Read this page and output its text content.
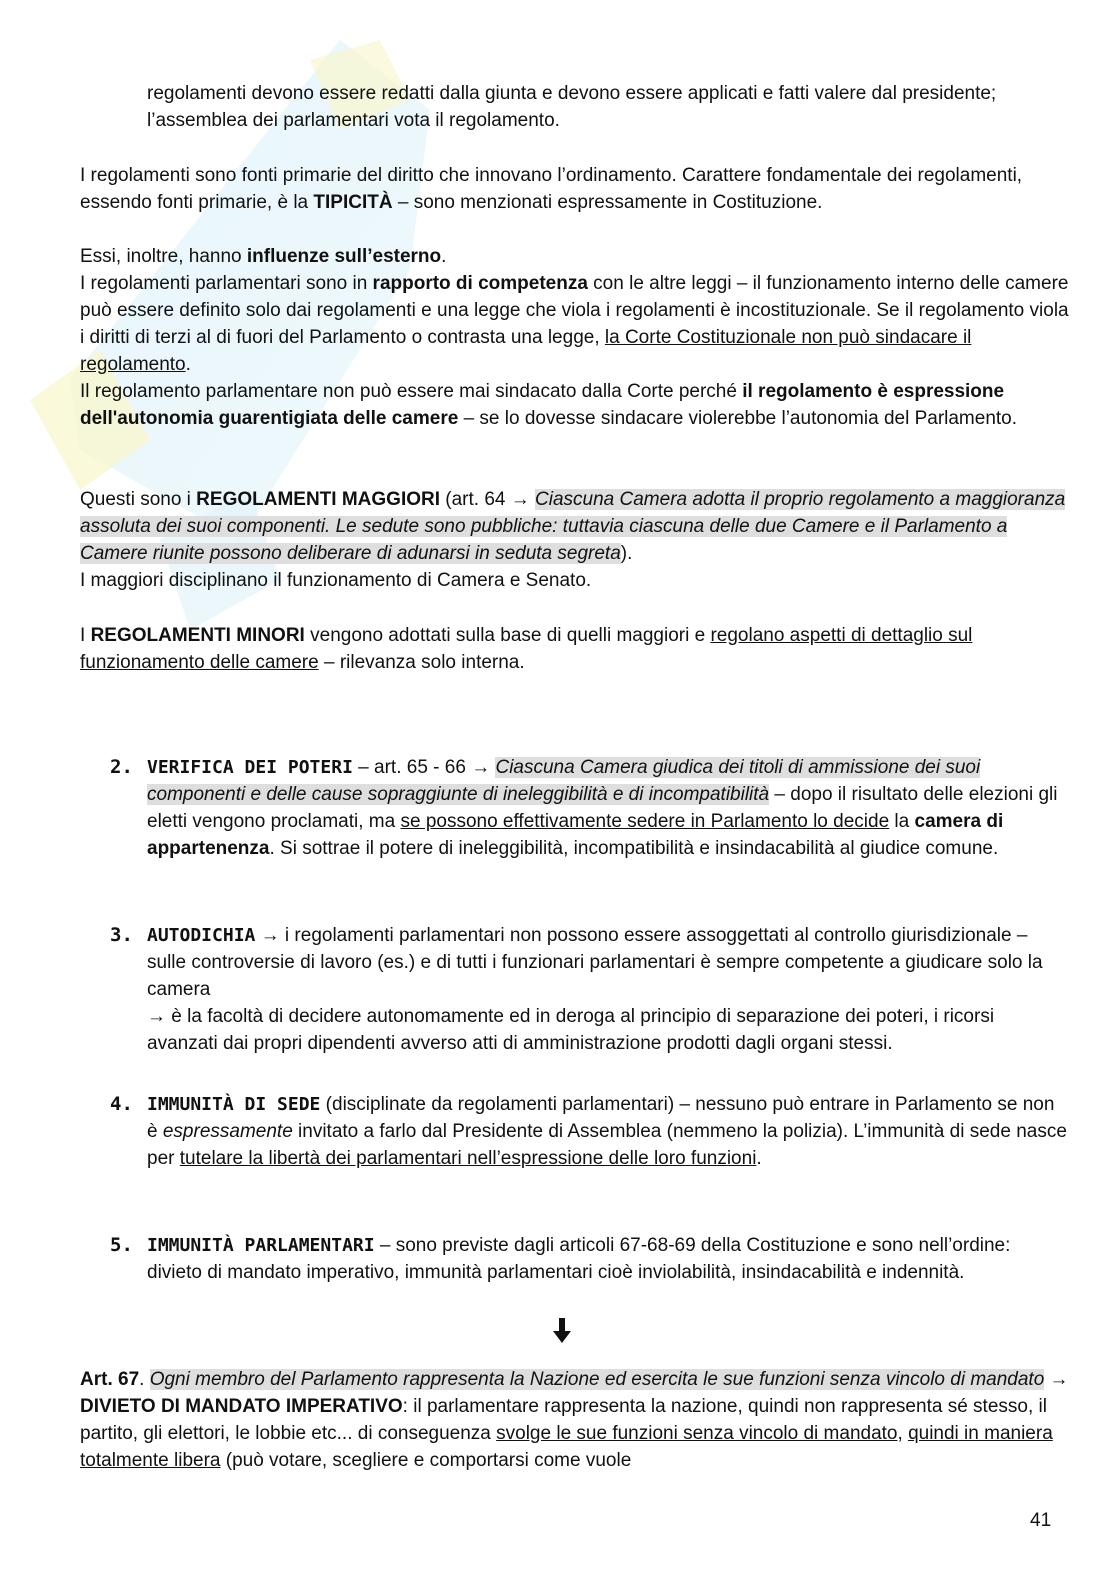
regolamenti devono essere redatti dalla giunta e devono essere applicati e fatti valere dal presidente; l’assemblea dei parlamentari vota il regolamento.

I regolamenti sono fonti primarie del diritto che innovano l’ordinamento. Carattere fondamentale dei regolamenti, essendo fonti primarie, è la TIPICITÀ – sono menzionati espressamente in Costituzione.

Essi, inoltre, hanno influenze sull’esterno.

I regolamenti parlamentari sono in rapporto di competenza con le altre leggi – il funzionamento interno delle camere può essere definito solo dai regolamenti e una legge che viola i regolamenti è incostituzionale. Se il regolamento viola i diritti di terzi al di fuori del Parlamento o contrasta una legge, la Corte Costituzionale non può sindacare il regolamento.

Il regolamento parlamentare non può essere mai sindacato dalla Corte perché il regolamento è espressione dell'autonomia guarentigiata delle camere – se lo dovesse sindacare violerebbe l’autonomia del Parlamento.

Questi sono i REGOLAMENTI MAGGIORI (art. 64 → Ciascuna Camera adotta il proprio regolamento a maggioranza assoluta dei suoi componenti. Le sedute sono pubbliche: tuttavia ciascuna delle due Camere e il Parlamento a Camere riunite possono deliberare di adunarsi in seduta segreta).

I maggiori disciplinano il funzionamento di Camera e Senato.

I REGOLAMENTI MINORI vengono adottati sulla base di quelli maggiori e regolano aspetti di dettaglio sul funzionamento delle camere – rilevanza solo interna.

2. VERIFICA DEI POTERI – art. 65 - 66 → Ciascuna Camera giudica dei titoli di ammissione dei suoi componenti e delle cause sopraggiunte di ineleggibilità e di incompatibilità – dopo il risultato delle elezioni gli eletti vengono proclamati, ma se possono effettivamente sedere in Parlamento lo decide la camera di appartenenza. Si sottrae il potere di ineleggibilità, incompatibilità e insindacabilità al giudice comune.

3. AUTODICHIA → i regolamenti parlamentari non possono essere assoggettati al controllo giurisdizionale – sulle controversie di lavoro (es.) e di tutti i funzionari parlamentari è sempre competente a giudicare solo la camera
→ è la facoltà di decidere autonomamente ed in deroga al principio di separazione dei poteri, i ricorsi avanzati dai propri dipendenti avverso atti di amministrazione prodotti dagli organi stessi.

4. IMMUNITÀ DI SEDE (disciplinate da regolamenti parlamentari) – nessuno può entrare in Parlamento se non è espressamente invitato a farlo dal Presidente di Assemblea (nemmeno la polizia). L’immunità di sede nasce per tutelare la libertà dei parlamentari nell’espressione delle loro funzioni.

5. IMMUNITÀ PARLAMENTARI – sono previste dagli articoli 67-68-69 della Costituzione e sono nell’ordine: divieto di mandato imperativo, immunità parlamentari cioè inviolabilità, insindacabilità e indennità.

Art. 67. Ogni membro del Parlamento rappresenta la Nazione ed esercita le sue funzioni senza vincolo di mandato → DIVIETO DI MANDATO IMPERATIVO: il parlamentare rappresenta la nazione, quindi non rappresenta sé stesso, il partito, gli elettori, le lobbie etc... di conseguenza svolge le sue funzioni senza vincolo di mandato, quindi in maniera totalmente libera (può votare, scegliere e comportarsi come vuole

41
